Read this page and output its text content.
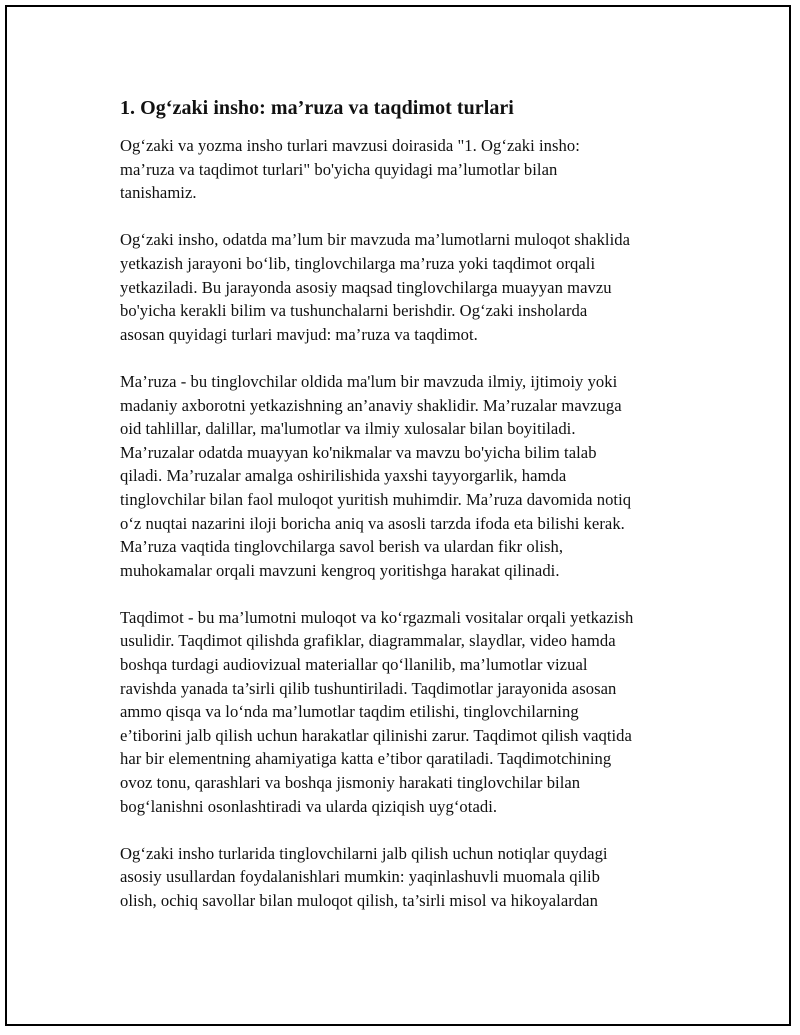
1. Og‘zaki insho: ma’ruza va taqdimot turlari

Og‘zaki va yozma insho turlari mavzusi doirasida "1. Og‘zaki insho:
ma’ruza va taqdimot turlari" bo'yicha quyidagi ma’lumotlar bilan
tanishamiz.

Og‘zaki insho, odatda ma’lum bir mavzuda ma’lumotlarni muloqot shaklida
yetkazish jarayoni bo‘lib, tinglovchilarga ma’ruza yoki taqdimot orqali
yetkaziladi. Bu jarayonda asosiy maqsad tinglovchilarga muayyan mavzu
bo'yicha kerakli bilim va tushunchalarni berishdir. Og‘zaki insholarda
asosan quyidagi turlari mavjud: ma’ruza va taqdimot.

Ma’ruza - bu tinglovchilar oldida ma'lum bir mavzuda ilmiy, ijtimoiy yoki
madaniy axborotni yetkazishning an’anaviy shaklidir. Ma’ruzalar mavzuga
oid tahlillar, dalillar, ma'lumotlar va ilmiy xulosalar bilan boyitiladi.
Ma’ruzalar odatda muayyan ko'nikmalar va mavzu bo'yicha bilim talab
qiladi. Ma’ruzalar amalga oshirilishida yaxshi tayyorgarlik, hamda
tinglovchilar bilan faol muloqot yuritish muhimdir. Maʼruza davomida notiq
o‘z nuqtai nazarini iloji boricha aniq va asosli tarzda ifoda eta bilishi kerak.
Ma’ruza vaqtida tinglovchilarga savol berish va ulardan fikr olish,
muhokamalar orqali mavzuni kengroq yoritishga harakat qilinadi.

Taqdimot - bu ma’lumotni muloqot va ko‘rgazmali vositalar orqali yetkazish
usulidir. Taqdimot qilishda grafiklar, diagrammalar, slaydlar, video hamda
boshqa turdagi audiovizual materiallar qo‘llanilib, ma’lumotlar vizual
ravishda yanada ta’sirli qilib tushuntiriladi. Taqdimotlar jarayonida asosan
ammo qisqa va lo‘nda ma’lumotlar taqdim etilishi, tinglovchilarning
e’tiborini jalb qilish uchun harakatlar qilinishi zarur. Taqdimot qilish vaqtida
har bir elementning ahamiyatiga katta e’tibor qaratiladi. Taqdimotchining
ovoz tonu, qarashlari va boshqa jismoniy harakati tinglovchilar bilan
bog‘lanishni osonlashtiradi va ularda qiziqish uyg‘otadi.

Og‘zaki insho turlarida tinglovchilarni jalb qilish uchun notiqlar quydagi
asosiy usullardan foydalanishlari mumkin: yaqinlashuvli muomala qilib
olish, ochiq savollar bilan muloqot qilish, ta’sirli misol va hikoyalardan
